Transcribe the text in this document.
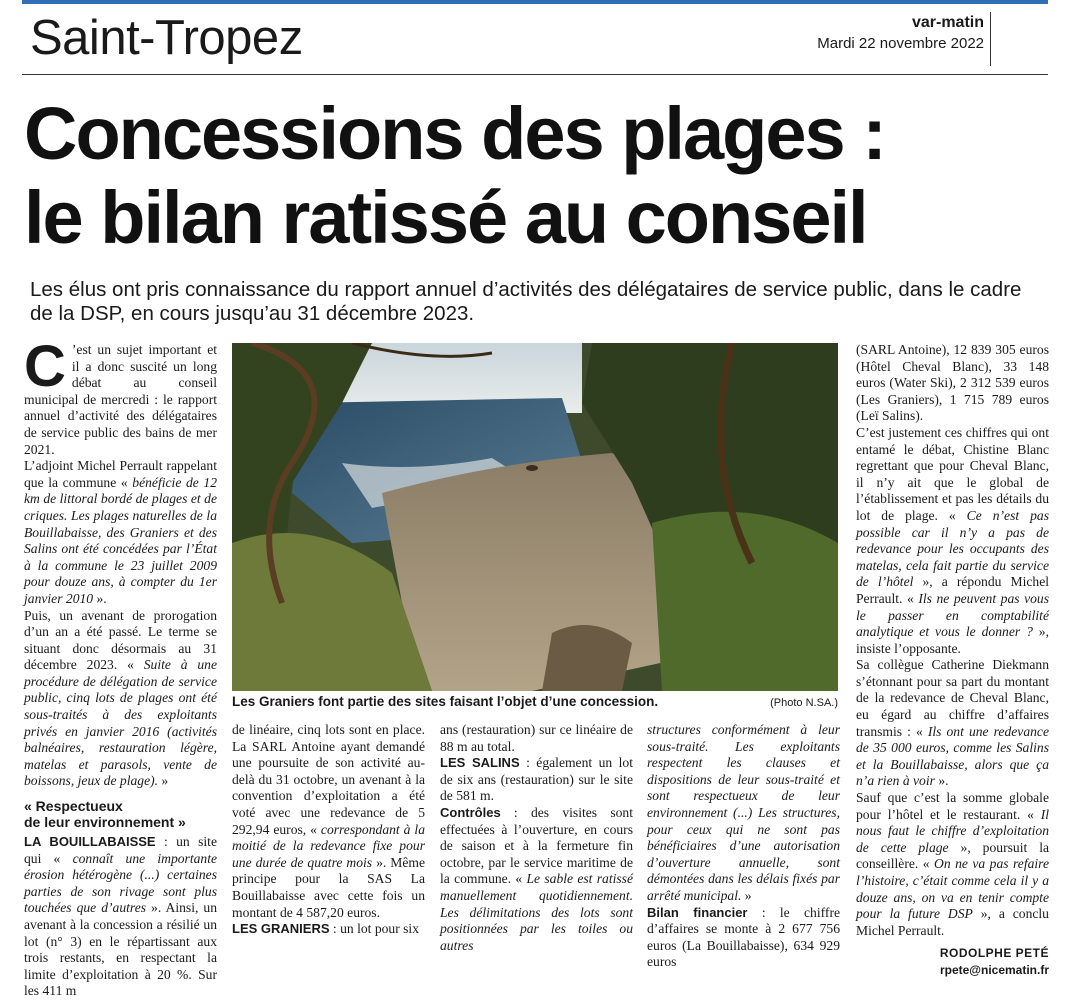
Saint-Tropez	var-matin
Mardi 22 novembre 2022
Concessions des plages :
le bilan ratissé au conseil
Les élus ont pris connaissance du rapport annuel d’activités des délégataires de service public, dans le cadre de la DSP, en cours jusqu’au 31 décembre 2023.

C ’est un sujet important et il a donc suscité un long débat au conseil municipal de mercredi : le rapport annuel d’activité des délégataires de service public des bains de mer 2021.

L’adjoint Michel Perrault rappelant que la commune « bénéficie de 12 km de littoral bordé de plages et de criques. Les plages naturelles de la Bouillabaisse, des Graniers et des Salins ont été concédées par l’État à la commune le 23 juillet 2009 pour douze ans, à compter du 1er janvier 2010 ».

Puis, un avenant de prorogation d’un an a été passé. Le terme se situant donc désormais au 31 décembre 2023. « Suite à une procédure de délégation de service public, cinq lots de plages ont été sous-traités à des exploitants privés en janvier 2016 (activités balnéaires, restauration légère, matelas et parasols, vente de boissons, jeux de plage). »

« Respectueux
de leur environnement »

LA BOUILLABAISSE : un site qui « connaît une importante érosion hétérogène (...) certaines parties de son rivage sont plus touchées que d’autres ». Ainsi, un avenant à la concession a résilié un lot (n° 3) en le répartissant aux trois restants, en respectant la limite d’exploitation à 20 %. Sur les 411 m

Les Graniers font partie des sites faisant l’objet d’une concession.	(Photo N.SA.)

de linéaire, cinq lots sont en place. La SARL Antoine ayant demandé une poursuite de son activité au-delà du 31 octobre, un avenant à la convention d’exploitation a été voté avec une redevance de 5 292,94 euros, « correspondant à la moitié de la redevance fixe pour une durée de quatre mois ». Même principe pour la SAS La Bouillabaisse avec cette fois un montant de 4 587,20 euros.

LES GRANIERS : un lot pour six

ans (restauration) sur ce linéaire de 88 m au total.

LES SALINS : également un lot de six ans (restauration) sur le site de 581 m.

Contrôles : des visites sont effectuées à l’ouverture, en cours de saison et à la fermeture fin octobre, par le service maritime de la commune. « Le sable est ratissé manuellement quotidiennement. Les délimitations des lots sont positionnées par les toiles ou autres

structures conformément à leur sous-traité. Les exploitants respectent les clauses et dispositions de leur sous-traité et sont respectueux de leur environnement (...) Les structures, pour ceux qui ne sont pas bénéficiaires d’une autorisation d’ouverture annuelle, sont démontées dans les délais fixés par arrêté municipal. »

Bilan financier : le chiffre d’affaires se monte à 2 677 756 euros (La Bouillabaisse), 634 929 euros

(SARL Antoine), 12 839 305 euros (Hôtel Cheval Blanc), 33 148 euros (Water Ski), 2 312 539 euros (Les Graniers), 1 715 789 euros (Leï Salins).

C’est justement ces chiffres qui ont entamé le débat, Chistine Blanc regrettant que pour Cheval Blanc, il n’y ait que le global de l’établissement et pas les détails du lot de plage. « Ce n’est pas possible car il n’y a pas de redevance pour les occupants des matelas, cela fait partie du service de l’hôtel », a répondu Michel Perrault. « Ils ne peuvent pas vous le passer en comptabilité analytique et vous le donner ? », insiste l’opposante.

Sa collègue Catherine Diekmann s’étonnant pour sa part du montant de la redevance de Cheval Blanc, eu égard au chiffre d’affaires transmis : « Ils ont une redevance de 35 000 euros, comme les Salins et la Bouillabaisse, alors que ça n’a rien à voir ».

Sauf que c’est la somme globale pour l’hôtel et le restaurant. « Il nous faut le chiffre d’exploitation de cette plage », poursuit la conseillère. « On ne va pas refaire l’histoire, c’était comme cela il y a douze ans, on va en tenir compte pour la future DSP », a conclu Michel Perrault.

RODOLPHE PETÉ
rpete@nicematin.fr
